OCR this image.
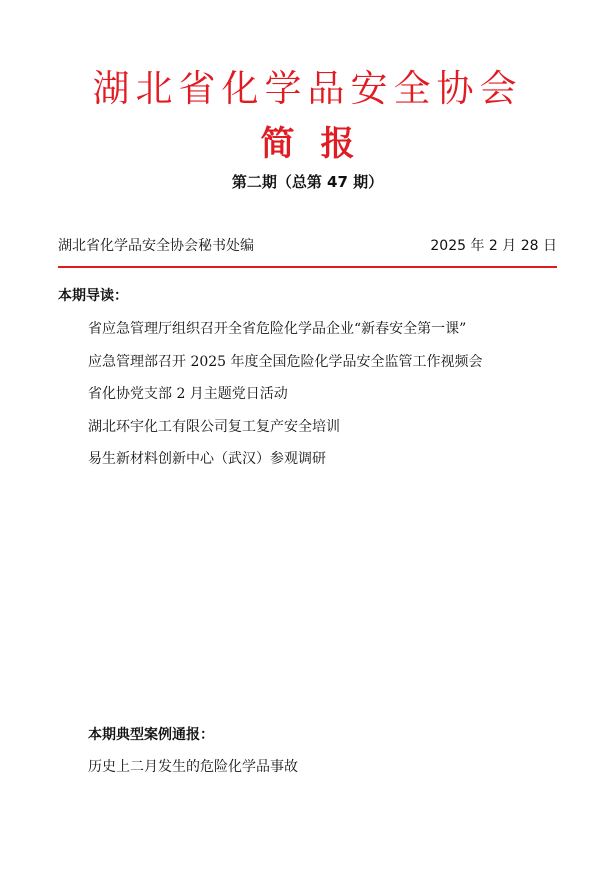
湖北省化学品安全协会
简报
第二期（总第 47 期）
湖北省化学品安全协会秘书处编	2025 年 2 月 28 日
本期导读：
省应急管理厅组织召开全省危险化学品企业“新春安全第一课”
应急管理部召开 2025 年度全国危险化学品安全监管工作视频会
省化协党支部 2 月主题党日活动
湖北环宇化工有限公司复工复产安全培训
易生新材料创新中心（武汉）参观调研
本期典型案例通报：
历史上二月发生的危险化学品事故
